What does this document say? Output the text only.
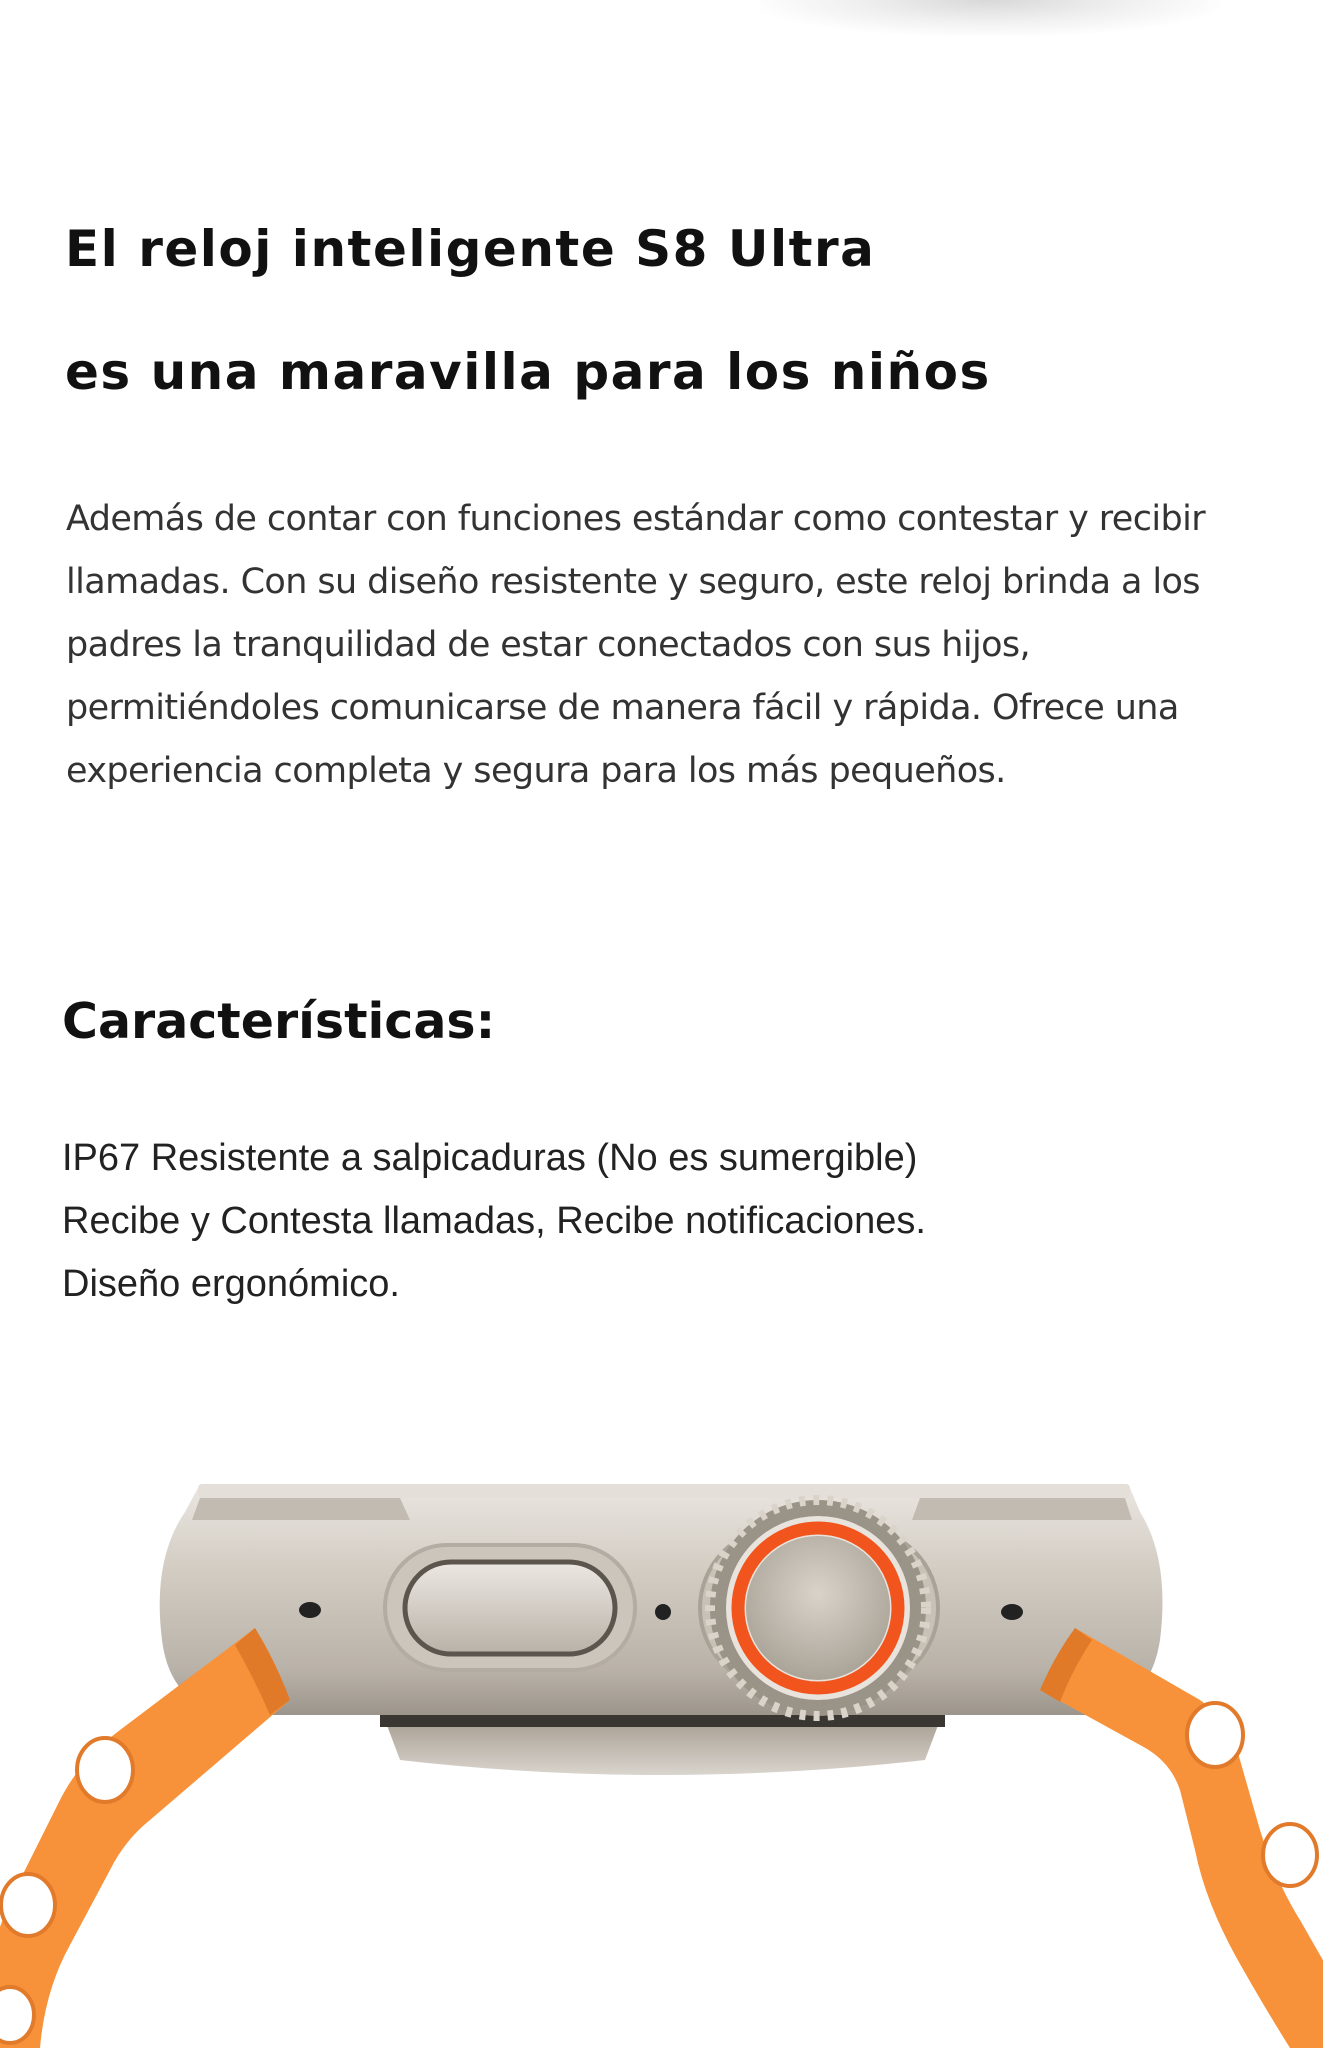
El reloj inteligente S8 Ultra
es una maravilla para los niños

Además de contar con funciones estándar como contestar y recibir
llamadas. Con su diseño resistente y seguro, este reloj brinda a los
padres la tranquilidad de estar conectados con sus hijos,
permitiéndoles comunicarse de manera fácil y rápida. Ofrece una
experiencia completa y segura para los más pequeños.

Características:
IP67 Resistente a salpicaduras (No es sumergible)
Recibe y Contesta llamadas, Recibe notificaciones.
Diseño ergonómico.
